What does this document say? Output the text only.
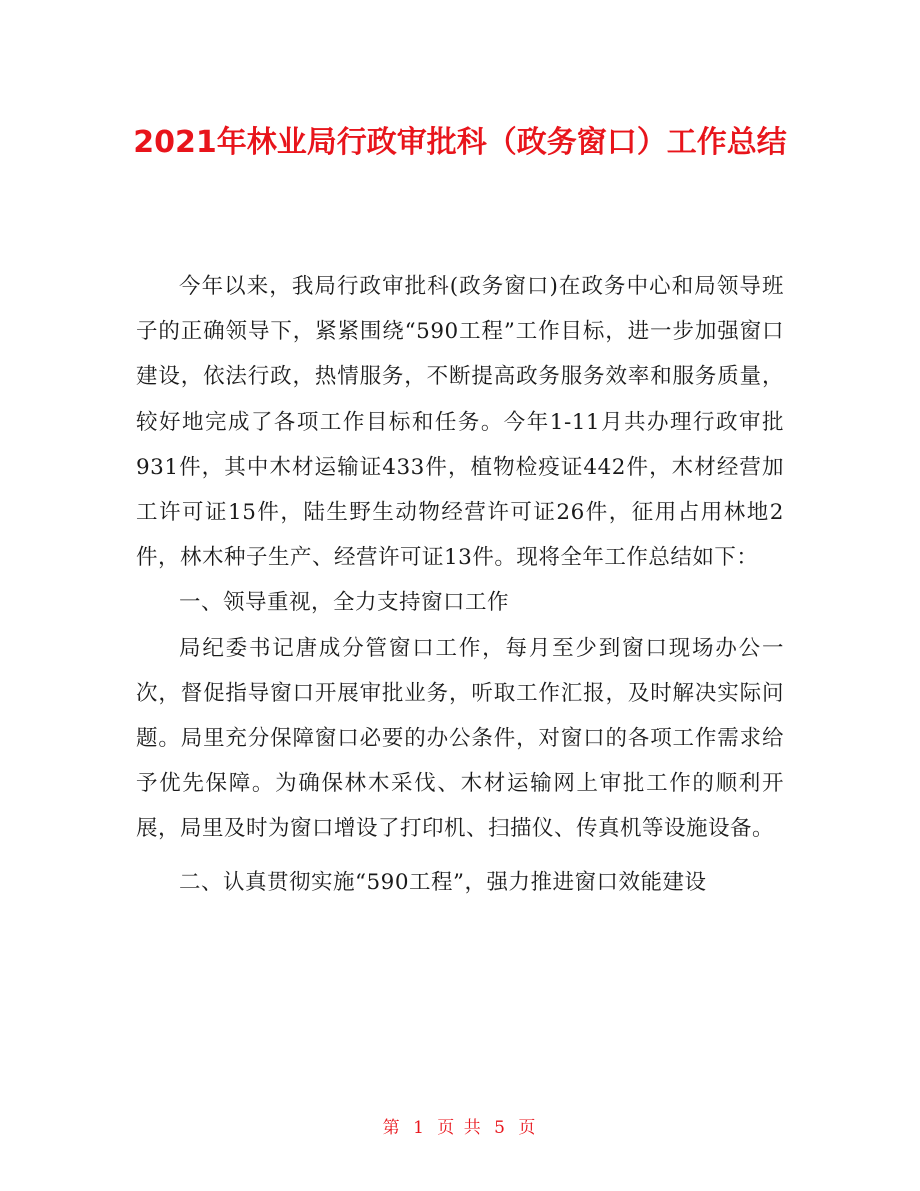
2021年林业局行政审批科（政务窗口）工作总结

今年以来，我局行政审批科(政务窗口)在政务中心和局领导班子的正确领导下，紧紧围绕“590工程”工作目标，进一步加强窗口建设，依法行政，热情服务，不断提高政务服务效率和服务质量，较好地完成了各项工作目标和任务。今年1-11月共办理行政审批931件，其中木材运输证433件，植物检疫证442件，木材经营加工许可证15件，陆生野生动物经营许可证26件，征用占用林地2件，林木种子生产、经营许可证13件。现将全年工作总结如下：

一、领导重视，全力支持窗口工作

局纪委书记唐成分管窗口工作，每月至少到窗口现场办公一次，督促指导窗口开展审批业务，听取工作汇报，及时解决实际问题。局里充分保障窗口必要的办公条件，对窗口的各项工作需求给予优先保障。为确保林木采伐、木材运输网上审批工作的顺利开展，局里及时为窗口增设了打印机、扫描仪、传真机等设施设备。

二、认真贯彻实施“590工程”，强力推进窗口效能建设

第 1 页 共 5 页
